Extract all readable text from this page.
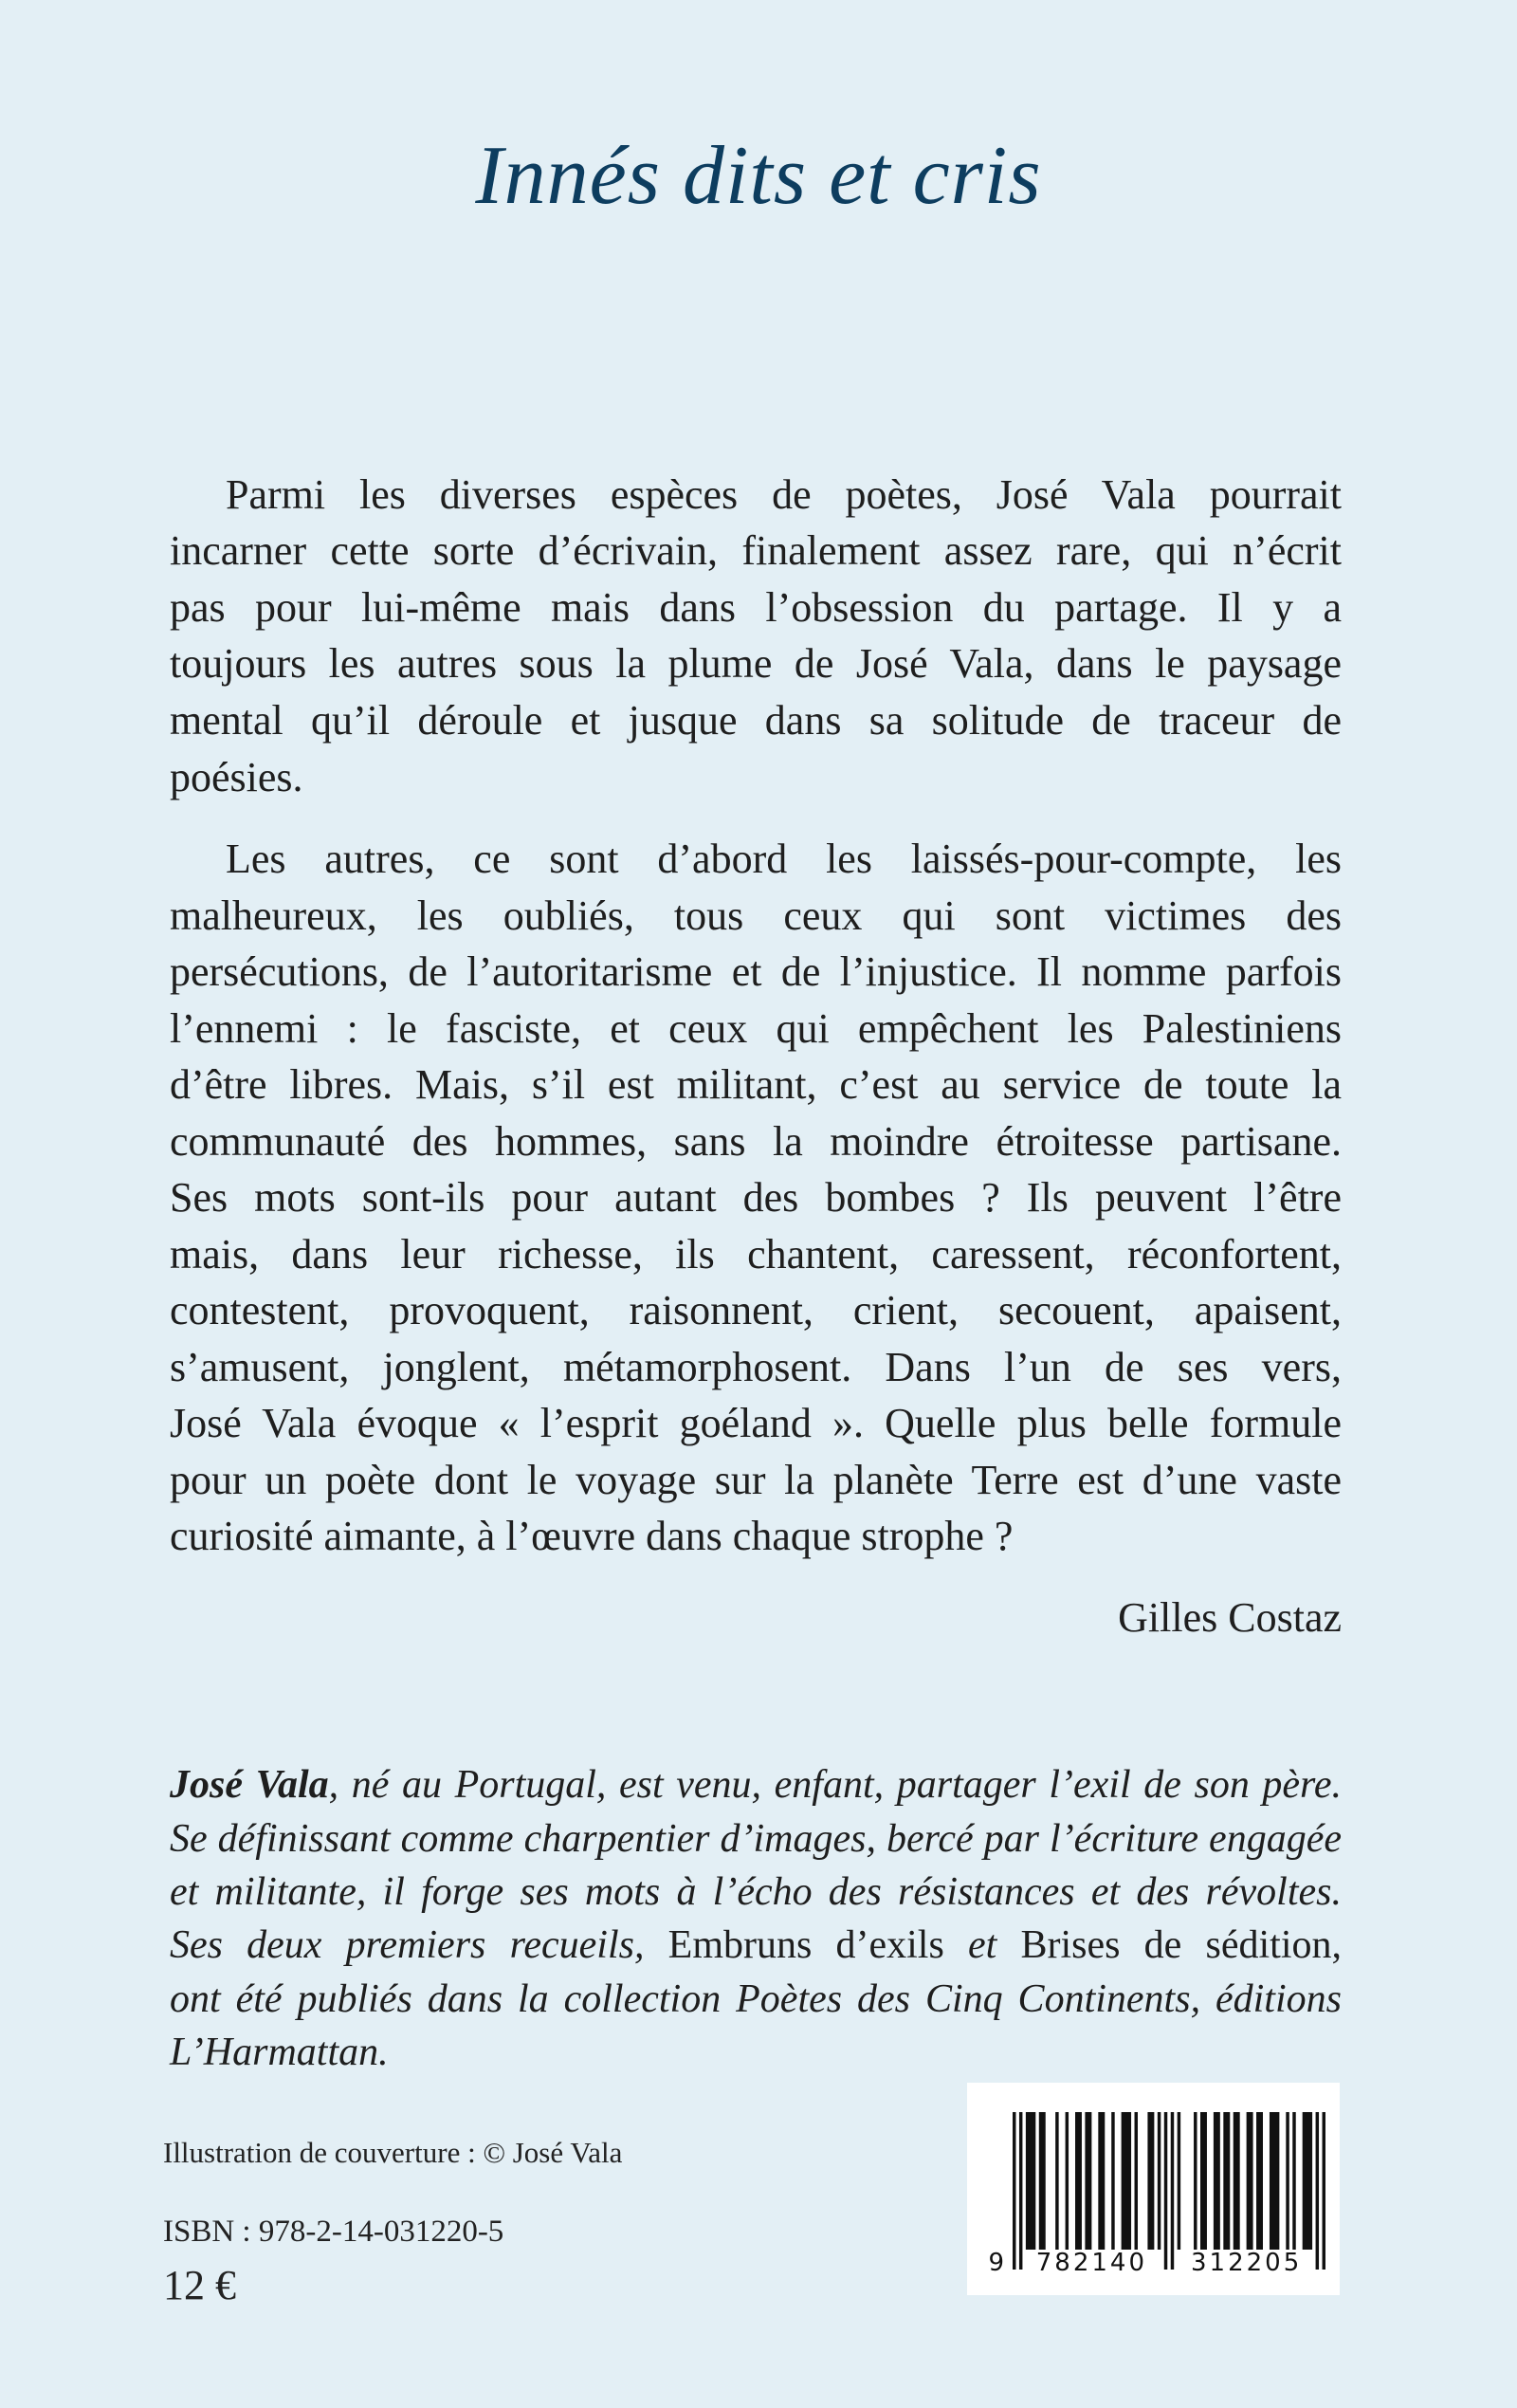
Innés dits et cris
Parmi les diverses espèces de poètes, José Vala pourrait
incarner cette sorte d’écrivain, finalement assez rare, qui n’écrit
pas pour lui-même mais dans l’obsession du partage. Il y a
toujours les autres sous la plume de José Vala, dans le paysage
mental qu’il déroule et jusque dans sa solitude de traceur de
poésies.
Les autres, ce sont d’abord les laissés-pour-compte, les
malheureux, les oubliés, tous ceux qui sont victimes des
persécutions, de l’autoritarisme et de l’injustice. Il nomme parfois
l’ennemi : le fasciste, et ceux qui empêchent les Palestiniens
d’être libres. Mais, s’il est militant, c’est au service de toute la
communauté des hommes, sans la moindre étroitesse partisane.
Ses mots sont-ils pour autant des bombes ? Ils peuvent l’être
mais, dans leur richesse, ils chantent, caressent, réconfortent,
contestent, provoquent, raisonnent, crient, secouent, apaisent,
s’amusent, jonglent, métamorphosent. Dans l’un de ses vers,
José Vala évoque « l’esprit goéland ». Quelle plus belle formule
pour un poète dont le voyage sur la planète Terre est d’une vaste
curiosité aimante, à l’œuvre dans chaque strophe ?
Gilles Costaz
José Vala, né au Portugal, est venu, enfant, partager l’exil de son père.
Se définissant comme charpentier d’images, bercé par l’écriture engagée
et militante, il forge ses mots à l’écho des résistances et des révoltes.
Ses deux premiers recueils, Embruns d’exils et Brises de sédition,
ont été publiés dans la collection Poètes des Cinq Continents, éditions
L’Harmattan.
Illustration de couverture : © José Vala
ISBN : 978-2-14-031220-5
12 €	9 782140 312205
